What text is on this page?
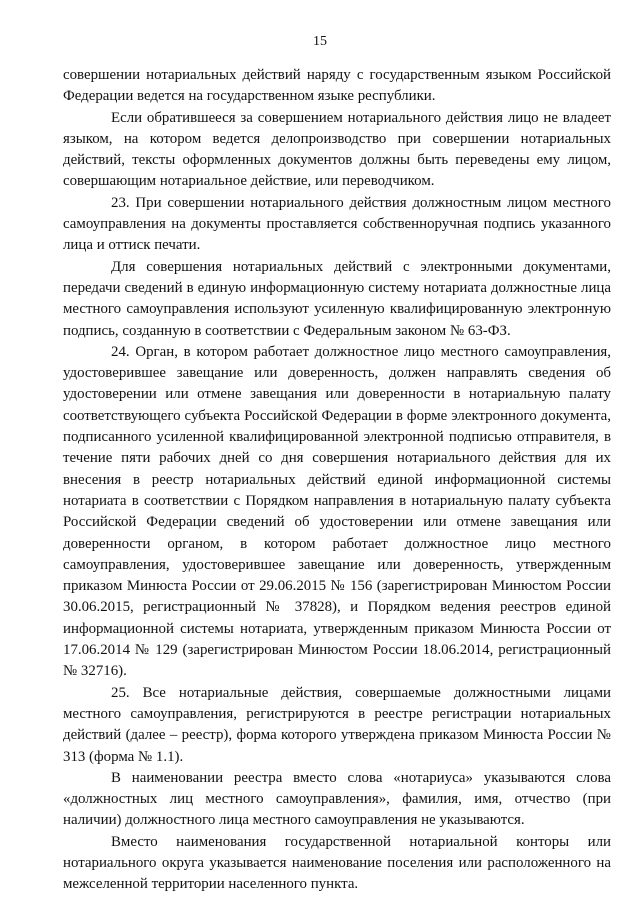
15

совершении нотариальных действий наряду с государственным языком Российской Федерации ведется на государственном языке республики.

Если обратившееся за совершением нотариального действия лицо не владеет языком, на котором ведется делопроизводство при совершении нотариальных действий, тексты оформленных документов должны быть переведены ему лицом, совершающим нотариальное действие, или переводчиком.

23. При совершении нотариального действия должностным лицом местного самоуправления на документы проставляется собственноручная подпись указанного лица и оттиск печати.

Для совершения нотариальных действий с электронными документами, передачи сведений в единую информационную систему нотариата должностные лица местного самоуправления используют усиленную квалифицированную электронную подпись, созданную в соответствии с Федеральным законом № 63-ФЗ.

24. Орган, в котором работает должностное лицо местного самоуправления, удостоверившее завещание или доверенность, должен направлять сведения об удостоверении или отмене завещания или доверенности в нотариальную палату соответствующего субъекта Российской Федерации в форме электронного документа, подписанного усиленной квалифицированной электронной подписью отправителя, в течение пяти рабочих дней со дня совершения нотариального действия для их внесения в реестр нотариальных действий единой информационной системы нотариата в соответствии с Порядком направления в нотариальную палату субъекта Российской Федерации сведений об удостоверении или отмене завещания или доверенности органом, в котором работает должностное лицо местного самоуправления, удостоверившее завещание или доверенность, утвержденным приказом Минюста России от 29.06.2015 № 156 (зарегистрирован Минюстом России 30.06.2015, регистрационный № 37828), и Порядком ведения реестров единой информационной системы нотариата, утвержденным приказом Минюста России от 17.06.2014 № 129 (зарегистрирован Минюстом России 18.06.2014, регистрационный № 32716).

25. Все нотариальные действия, совершаемые должностными лицами местного самоуправления, регистрируются в реестре регистрации нотариальных действий (далее – реестр), форма которого утверждена приказом Минюста России № 313 (форма № 1.1).

В наименовании реестра вместо слова «нотариуса» указываются слова «должностных лиц местного самоуправления», фамилия, имя, отчество (при наличии) должностного лица местного самоуправления не указываются.

Вместо наименования государственной нотариальной конторы или нотариального округа указывается наименование поселения или расположенного на межселенной территории населенного пункта.
